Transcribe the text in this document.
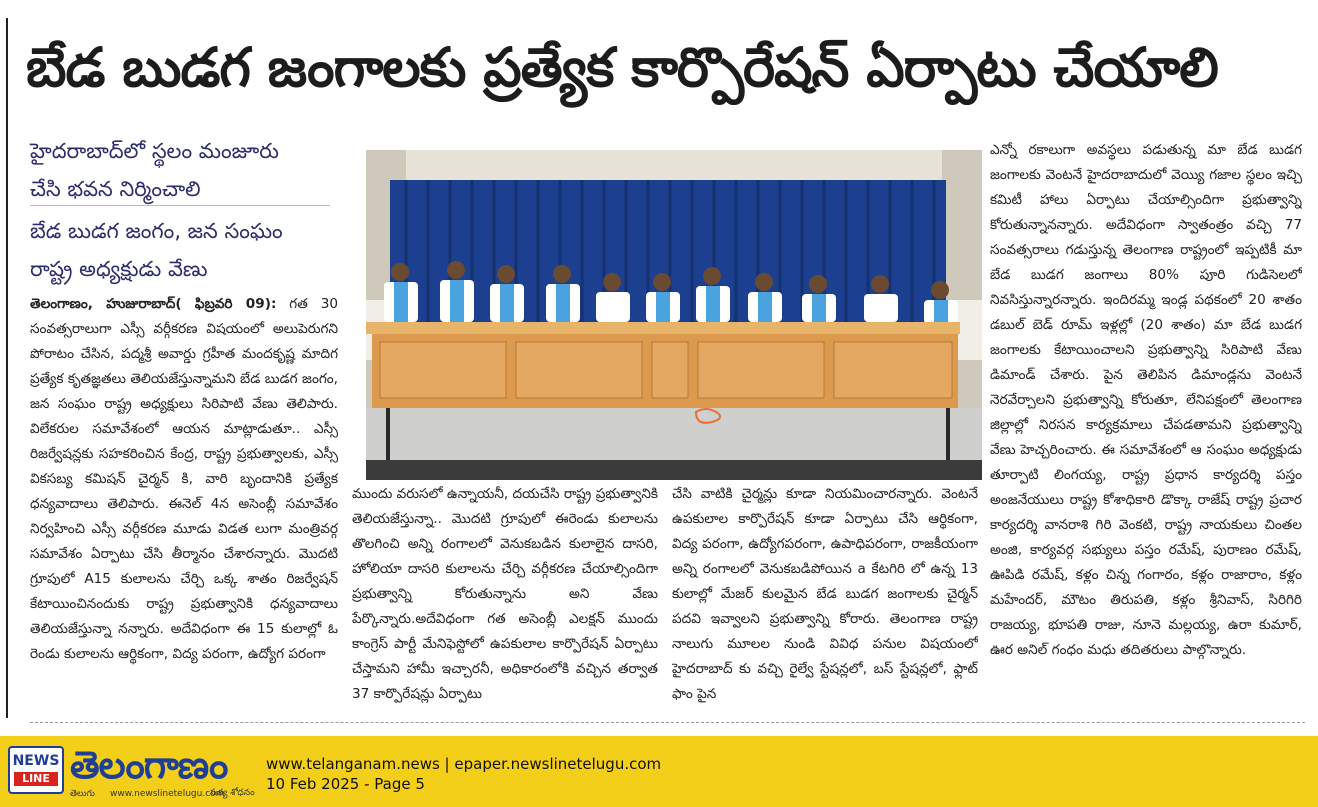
బేడ బుడగ జంగాలకు ప్రత్యేక కార్పొరేషన్ ఏర్పాటు చేయాలి
హైదరాబాద్‌లో స్థలం మంజూరు
చేసి భవన నిర్మించాలి
బేడ బుడగ జంగం, జన సంఘం
రాష్ట్ర అధ్యక్షుడు వేణు

తెలంగాణం, హుజురాబాద్( ఫిబ్రవరి 09): గత 30 సంవత్సరాలుగా ఎస్సీ వర్గీకరణ విషయంలో అలుపెరుగని పోరాటం చేసిన, పద్మశ్రీ అవార్డు గ్రహీత మందకృష్ణ మాదిగ ప్రత్యేక కృతజ్ఞతలు తెలియజేస్తున్నామని బేడ బుడగ జంగం, జన సంఘం రాష్ట్ర అధ్యక్షులు సిరిపాటి వేణు తెలిపారు. విలేకరుల సమావేశంలో ఆయన మాట్లాడుతూ.. ఎస్సీ రిజర్వేషన్లకు సహకరించిన కేంద్ర, రాష్ట్ర ప్రభుత్వాలకు, ఎస్సీ వికసబ్య కమిషన్ చైర్మన్ కి, వారి బృందానికి ప్రత్యేక ధన్యవాదాలు తెలిపారు. ఈనెల్ 4న అసెంబ్లీ సమావేశం నిర్వహించి ఎస్సీ వర్గీకరణ మూడు విడత లుగా మంత్రివర్గ సమావేశం ఏర్పాటు చేసి తీర్మానం చేశారన్నారు. మొదటి గ్రూపులో A15 కులాలను చేర్చి ఒక్క శాతం రిజర్వేషన్ కేటాయించినందుకు రాష్ట్ర ప్రభుత్వానికి ధన్యవాదాలు తెలియజేస్తున్నా నన్నారు. అదేవిధంగా ఈ 15 కులాల్లో ఓ రెండు కులాలను ఆర్థికంగా, విద్య పరంగా, ఉద్యోగ పరంగా

ముందు వరుసలో ఉన్నాయనీ, దయచేసి రాష్ట్ర ప్రభుత్వానికి తెలియజేస్తున్నా.. మొదటి గ్రూపులో ఈరెండు కులాలను తొలగించి అన్ని రంగాలలో వెనుకబడిన కులాలైన దాసరి, హోలియా దాసరి కులాలను చేర్చి వర్గీకరణ చేయాల్సిందిగా ప్రభుత్వాన్ని కోరుతున్నాను అని వేణు పేర్కొన్నారు.అదేవిధంగా గత అసెంబ్లీ ఎలక్షన్ ముందు కాంగ్రెస్ పార్టీ మేనిఫెస్టోలో ఉపకులాల కార్పొరేషన్ ఏర్పాటు చేస్తామని హామీ ఇచ్చారనీ, అధికారంలోకి వచ్చిన తర్వాత 37 కార్పొరేషన్లు ఏర్పాటు

చేసి వాటికి చైర్మన్లు కూడా నియమించారన్నారు. వెంటనే ఉపకులాల కార్పొరేషన్ కూడా ఏర్పాటు చేసి ఆర్థికంగా, విద్య పరంగా, ఉద్యోగపరంగా, ఉపాధిపరంగా, రాజకీయంగా అన్ని రంగాలలో వెనుకబడిపోయిన a కేటగిరి లో ఉన్న 13 కులాల్లో మేజర్ కులమైన బేడ బుడగ జంగాలకు చైర్మన్ పదవి ఇవ్వాలని ప్రభుత్వాన్ని కోరారు. తెలంగాణ రాష్ట్ర నాలుగు మూలల నుండి వివిధ పనుల విషయంలో హైదరాబాద్ కు వచ్చి రైల్వే స్టేషన్లలో, బస్ స్టేషన్లలో, ఫ్లాట్ ఫాం పైన

ఎన్నో రకాలుగా అవస్థలు పడుతున్న మా బేడ బుడగ జంగాలకు వెంటనే హైదరాబాదులో వెయ్యి గజాల స్థలం ఇచ్చి కమిటీ హాలు ఏర్పాటు చేయాల్సిందిగా ప్రభుత్వాన్ని కోరుతున్నానన్నారు. అదేవిధంగా స్వాతంత్రం వచ్చి 77 సంవత్సరాలు గడుస్తున్న తెలంగాణ రాష్ట్రంలో ఇప్పటికీ మా బేడ బుడగ జంగాలు 80% పూరి గుడిసెలలో నివసిస్తున్నారన్నారు. ఇందిరమ్మ ఇండ్ల పథకంలో 20 శాతం డబుల్ బెడ్ రూమ్ ఇళ్లల్లో (20 శాతం) మా బేడ బుడగ జంగాలకు కేటాయించాలని ప్రభుత్వాన్ని సిరిపాటి వేణు డిమాండ్ చేశారు. పైన తెలిపిన డిమాండ్లను వెంటనే నెరవేర్చాలని ప్రభుత్వాన్ని కోరుతూ, లేనిపక్షంలో తెలంగాణ జిల్లాల్లో నిరసన కార్యక్రమాలు చేపడతామని ప్రభుత్వాన్ని వేణు హెచ్చరించారు. ఈ సమావేశంలో ఆ సంఘం అధ్యక్షుడు తూర్పాటి లింగయ్య, రాష్ట్ర ప్రధాన కార్యదర్శి పస్తం అంజనేయులు రాష్ట్ర కోశాధికారి డొక్కా రాజేష్ రాష్ట్ర ప్రచార కార్యదర్శి వానరాశి గిరి వెంకటి, రాష్ట్ర నాయకులు చింతల అంజి, కార్యవర్గ సభ్యులు పస్తం రమేష్, పురాణం రమేష్, ఊపిడి రమేష్, కళ్లం చిన్న గంగారం, కళ్లం రాజారాం, కళ్లం మహేందర్, మౌటం తిరుపతి, కళ్లం శ్రీనివాస్, సిరిగిరి రాజయ్య, భూపతి రాజు, నూనె మల్లయ్య, ఉరా కుమార్, ఊర అనిల్ గంధం మధు తదితరులు పాల్గొన్నారు.

NEWS
LINE తెలంగాణం
తెలుగు www.newslinetelugu.com
సత్య శోధనం
www.telanganam.news | epaper.newslinetelugu.com
10 Feb 2025 - Page 5
